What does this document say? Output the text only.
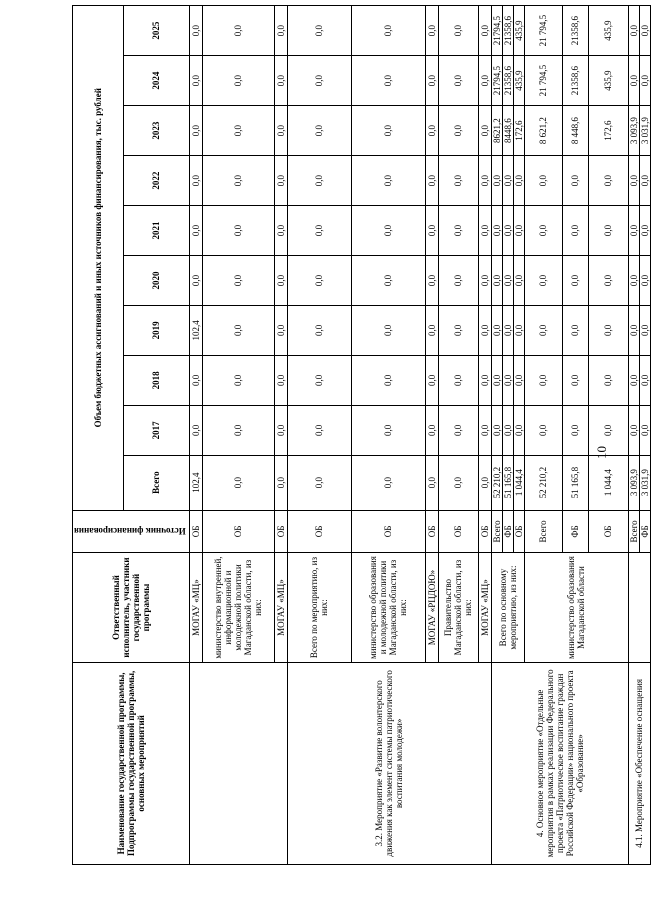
10
Наименование государственной программы, Подпрограммы государственной программы, основных мероприятий	Ответственный исполнитель, участники государственной программы	Источник финансирования	Объем бюджетных ассигнований и иных источников финансирования, тыс. рублей									
			Всего	2017	2018	2019	2020	2021	2022	2023	2024	2025
	МОГАУ «МЦ»	ОБ	102,4	0,0	0,0	102,4	0,0	0,0	0,0	0,0	0,0	0,0
	министерство внутренней, информационной и молодежной политики Магаданской области, из них:	ОБ	0,0	0,0	0,0	0,0	0,0	0,0	0,0	0,0	0,0	0,0
	МОГАУ «МЦ»	ОБ	0,0	0,0	0,0	0,0	0,0	0,0	0,0	0,0	0,0	0,0
3.2. Мероприятие «Развитие волонтерского движения как элемент системы патриотического воспитания молодежи»	Всего по мероприятию, из них:	ОБ	0,0	0,0	0,0	0,0	0,0	0,0	0,0	0,0	0,0	0,0
	министерство образования и молодежной политики Магаданской области, из них:	ОБ	0,0	0,0	0,0	0,0	0,0	0,0	0,0	0,0	0,0	0,0
	МОГАУ «РЦДОЮ»	ОБ	0,0	0,0	0,0	0,0	0,0	0,0	0,0	0,0	0,0	0,0
	Правительство Магаданской области, из них:	ОБ	0,0	0,0	0,0	0,0	0,0	0,0	0,0	0,0	0,0	0,0
	МОГАУ «МЦ»	ОБ	0,0	0,0	0,0	0,0	0,0	0,0	0,0	0,0	0,0	0,0
4. Основное мероприятие «Отдельные мероприятия в рамках реализации Федерального проекта «Патриотическое воспитание граждан Российской Федерации» национального проекта «Образование»	Всего по основному мероприятию, из них:	Всего	52 210,2	0,0	0,0	0,0	0,0	0,0	0,0	8621,2	21794,5	21794,5
		ФБ	51 165,8	0,0	0,0	0,0	0,0	0,0	0,0	8448,6	21358,6	21358,6
		ОБ	1 044,4	0,0	0,0	0,0	0,0	0,0	0,0	172,6	435,9	435,9
	министерство образования Магаданской области	Всего	52 210,2	0,0	0,0	0,0	0,0	0,0	0,0	8 621,2	21 794,5	21 794,5
		ФБ	51 165,8	0,0	0,0	0,0	0,0	0,0	0,0	8 448,6	21358,6	21358,6
		ОБ	1 044,4	0,0	0,0	0,0	0,0	0,0	0,0	172,6	435,9	435,9
4.1. Мероприятие «Обеспечение оснащения		Всего	3 093,9	0,0	0,0	0,0	0,0	0,0	0,0	3 093,9	0,0	0,0
		ФБ	3 031,9	0,0	0,0	0,0	0,0	0,0	0,0	3 031,9	0,0	0,0
